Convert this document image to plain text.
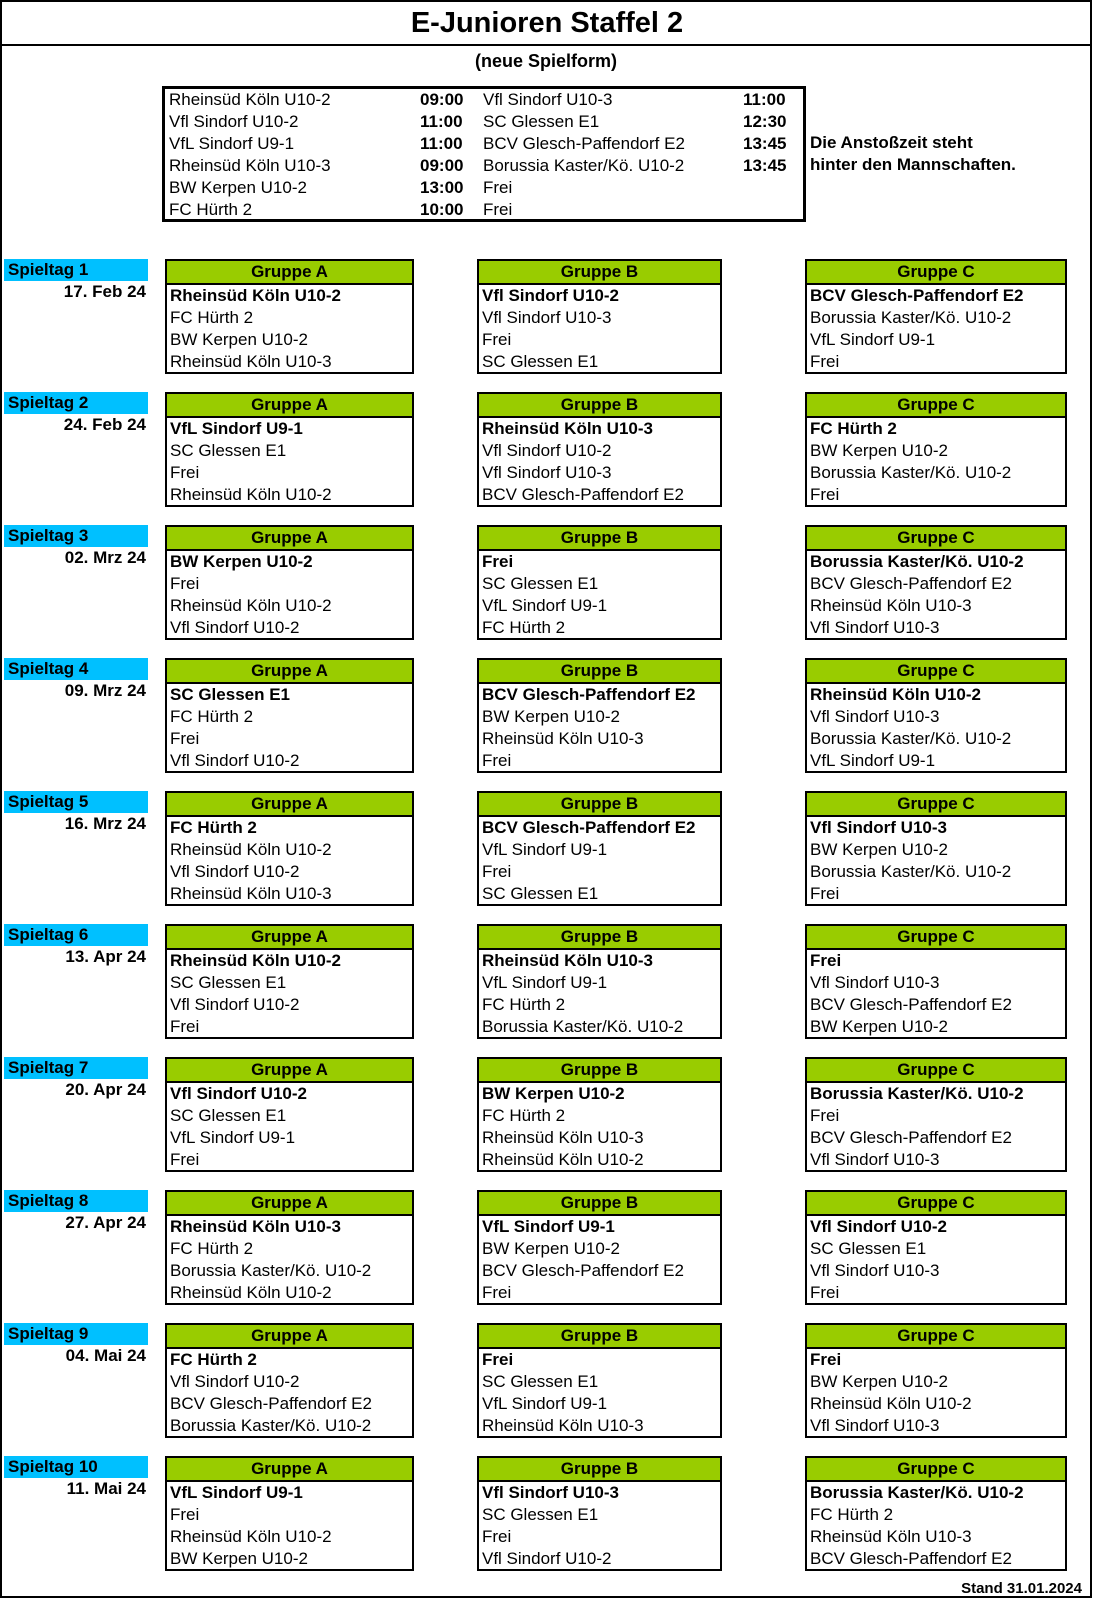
E-Junioren Staffel 2
(neue Spielform)
Rheinsüd Köln U10-2	09:00 Vfl Sindorf U10-3	11:00
Vfl Sindorf U10-2	11:00 SC Glessen E1	12:30
VfL Sindorf U9-1	11:00 BCV Glesch-Paffendorf E2	13:45
Rheinsüd Köln U10-3	09:00 Borussia Kaster/Kö. U10-2	13:45
BW Kerpen U10-2	13:00 Frei
FC Hürth 2	10:00 Frei
Die Anstoßzeit steht
hinter den Mannschaften.
Spieltag 1
17. Feb 24
Gruppe A
Rheinsüd Köln U10-2
FC Hürth 2
BW Kerpen U10-2
Rheinsüd Köln U10-3
Gruppe B
Vfl Sindorf U10-2
Vfl Sindorf U10-3
Frei
SC Glessen E1
Gruppe C
BCV Glesch-Paffendorf E2
Borussia Kaster/Kö. U10-2
VfL Sindorf U9-1
Frei
Spieltag 2
24. Feb 24
Gruppe A
VfL Sindorf U9-1
SC Glessen E1
Frei
Rheinsüd Köln U10-2
Gruppe B
Rheinsüd Köln U10-3
Vfl Sindorf U10-2
Vfl Sindorf U10-3
BCV Glesch-Paffendorf E2
Gruppe C
FC Hürth 2
BW Kerpen U10-2
Borussia Kaster/Kö. U10-2
Frei
Spieltag 3
02. Mrz 24
Gruppe A
BW Kerpen U10-2
Frei
Rheinsüd Köln U10-2
Vfl Sindorf U10-2
Gruppe B
Frei
SC Glessen E1
VfL Sindorf U9-1
FC Hürth 2
Gruppe C
Borussia Kaster/Kö. U10-2
BCV Glesch-Paffendorf E2
Rheinsüd Köln U10-3
Vfl Sindorf U10-3
Spieltag 4
09. Mrz 24
Gruppe A
SC Glessen E1
FC Hürth 2
Frei
Vfl Sindorf U10-2
Gruppe B
BCV Glesch-Paffendorf E2
BW Kerpen U10-2
Rheinsüd Köln U10-3
Frei
Gruppe C
Rheinsüd Köln U10-2
Vfl Sindorf U10-3
Borussia Kaster/Kö. U10-2
VfL Sindorf U9-1
Spieltag 5
16. Mrz 24
Gruppe A
FC Hürth 2
Rheinsüd Köln U10-2
Vfl Sindorf U10-2
Rheinsüd Köln U10-3
Gruppe B
BCV Glesch-Paffendorf E2
VfL Sindorf U9-1
Frei
SC Glessen E1
Gruppe C
Vfl Sindorf U10-3
BW Kerpen U10-2
Borussia Kaster/Kö. U10-2
Frei
Spieltag 6
13. Apr 24
Gruppe A
Rheinsüd Köln U10-2
SC Glessen E1
Vfl Sindorf U10-2
Frei
Gruppe B
Rheinsüd Köln U10-3
VfL Sindorf U9-1
FC Hürth 2
Borussia Kaster/Kö. U10-2
Gruppe C
Frei
Vfl Sindorf U10-3
BCV Glesch-Paffendorf E2
BW Kerpen U10-2
Spieltag 7
20. Apr 24
Gruppe A
Vfl Sindorf U10-2
SC Glessen E1
VfL Sindorf U9-1
Frei
Gruppe B
BW Kerpen U10-2
FC Hürth 2
Rheinsüd Köln U10-3
Rheinsüd Köln U10-2
Gruppe C
Borussia Kaster/Kö. U10-2
Frei
BCV Glesch-Paffendorf E2
Vfl Sindorf U10-3
Spieltag 8
27. Apr 24
Gruppe A
Rheinsüd Köln U10-3
FC Hürth 2
Borussia Kaster/Kö. U10-2
Rheinsüd Köln U10-2
Gruppe B
VfL Sindorf U9-1
BW Kerpen U10-2
BCV Glesch-Paffendorf E2
Frei
Gruppe C
Vfl Sindorf U10-2
SC Glessen E1
Vfl Sindorf U10-3
Frei
Spieltag 9
04. Mai 24
Gruppe A
FC Hürth 2
Vfl Sindorf U10-2
BCV Glesch-Paffendorf E2
Borussia Kaster/Kö. U10-2
Gruppe B
Frei
SC Glessen E1
VfL Sindorf U9-1
Rheinsüd Köln U10-3
Gruppe C
Frei
BW Kerpen U10-2
Rheinsüd Köln U10-2
Vfl Sindorf U10-3
Spieltag 10
11. Mai 24
Gruppe A
VfL Sindorf U9-1
Frei
Rheinsüd Köln U10-2
BW Kerpen U10-2
Gruppe B
Vfl Sindorf U10-3
SC Glessen E1
Frei
Vfl Sindorf U10-2
Gruppe C
Borussia Kaster/Kö. U10-2
FC Hürth 2
Rheinsüd Köln U10-3
BCV Glesch-Paffendorf E2
Stand 31.01.2024
